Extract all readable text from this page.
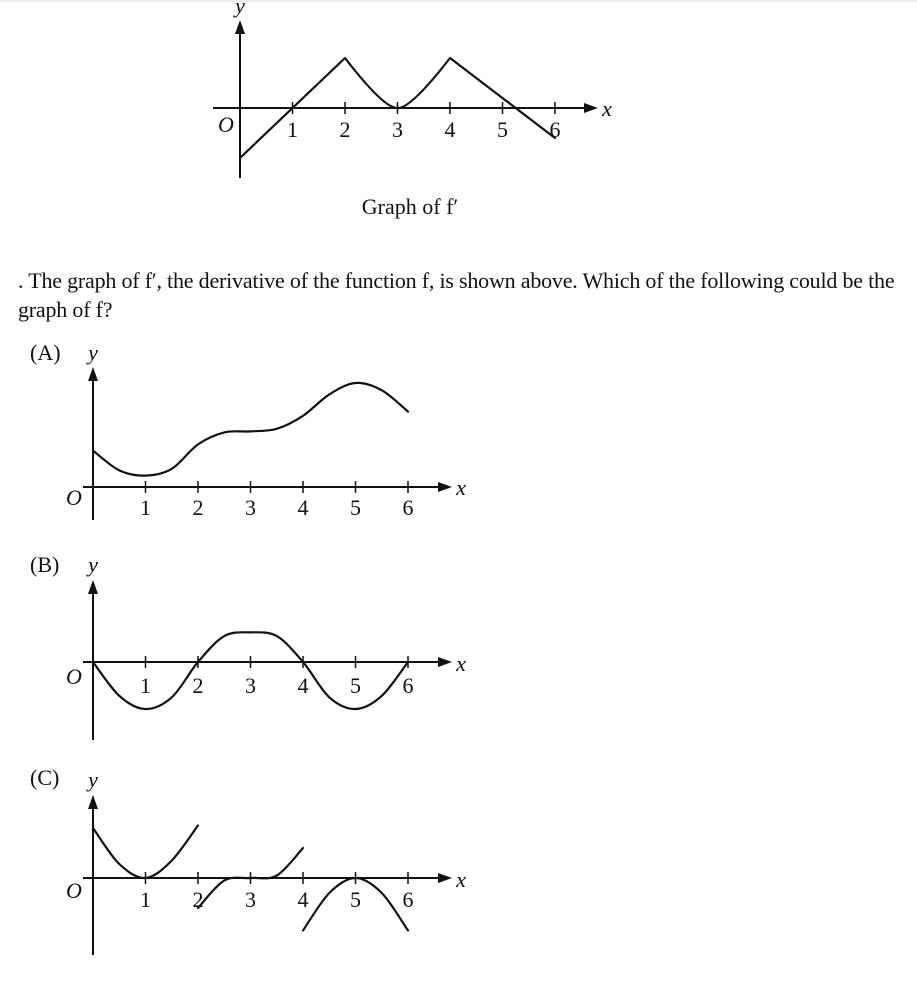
x
y
O 1 2 3 4 5 6
Graph of f′
x
y
O	1 2 3 4 5 6
(A)
x
y
O	1 2 3 4 5 6
(B)
x
y
O	1 2 3 4 5 6
(C)
. The graph of f′, the derivative of the function f, is shown above. Which of the following could be the graph of f?
